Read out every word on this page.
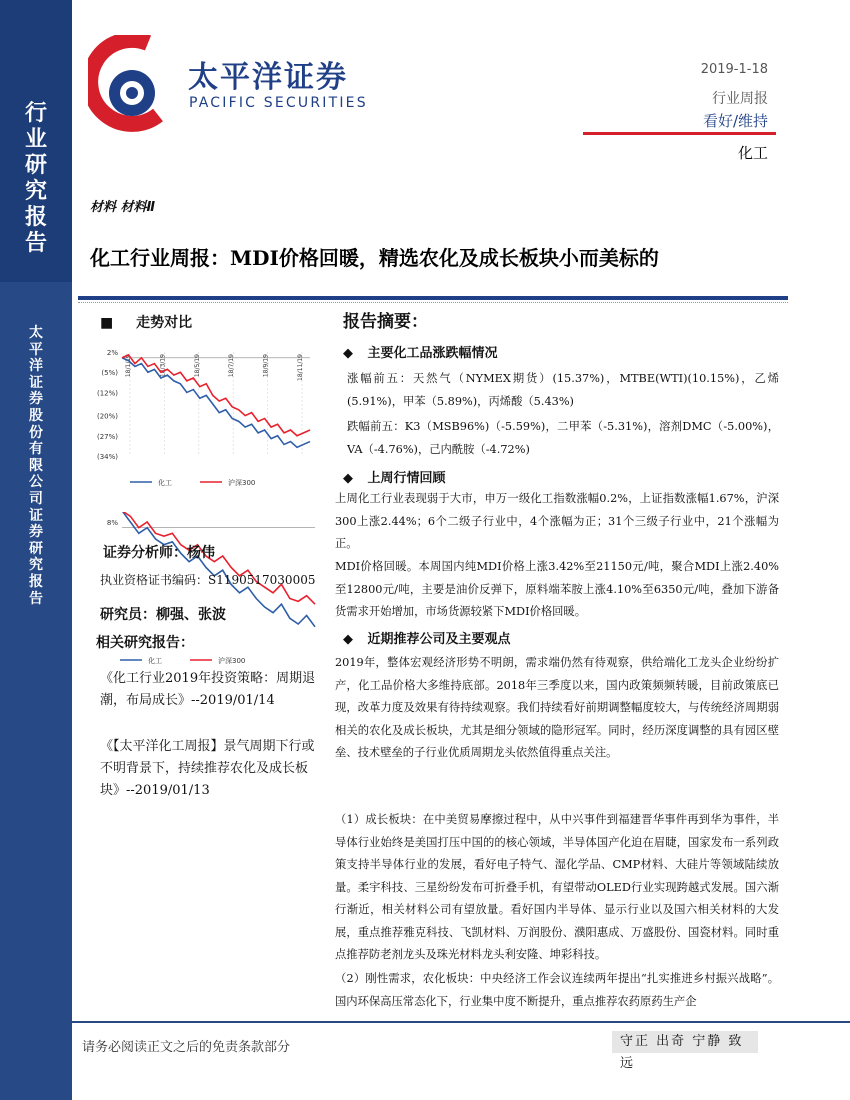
行业研究报告
太平洋证券股份有限公司证券研究报告
太平洋证券
PACIFIC SECURITIES
2019-1-18
行业周报
看好/维持
化工
材料 材料Ⅱ
化工行业周报：MDI价格回暖，精选农化及成长板块小而美标的
■ 走势对比
2%
(5%)
(12%)
(20%)
(27%)
(34%)
18/1/19	18/3/19	18/5/19	18/7/19	18/9/19	18/11/19
化工	沪深300
8%
化工	沪深300
证券分析师：杨伟
执业资格证书编码：S1190517030005
研究员：柳强、张波
相关研究报告：
《化工行业2019年投资策略：周期退潮，布局成长》--2019/01/14
《【太平洋化工周报】景气周期下行或不明背景下，持续推荐农化及成长板块》--2019/01/13
报告摘要：
◆ 主要化工品涨跌幅情况
涨幅前五：天然气（NYMEX期货）(15.37%)，MTBE(WTI)(10.15%)，乙烯(5.91%)，甲苯（5.89%)，丙烯酸（5.43%)
跌幅前五：K3（MSB96%)（-5.59%)，二甲苯（-5.31%)，溶剂DMC（-5.00%)，VA（-4.76%)，己内酰胺（-4.72%)
◆ 上周行情回顾
上周化工行业表现弱于大市，申万一级化工指数涨幅0.2%，上证指数涨幅1.67%，沪深300上涨2.44%；6个二级子行业中，4个涨幅为正；31个三级子行业中，21个涨幅为正。
MDI价格回暖。本周国内纯MDI价格上涨3.42%至21150元/吨，聚合MDI上涨2.40%至12800元/吨，主要是油价反弹下，原料端苯胺上涨4.10%至6350元/吨，叠加下游备货需求开始增加，市场货源较紧下MDI价格回暖。
◆ 近期推荐公司及主要观点
2019年，整体宏观经济形势不明朗，需求端仍然有待观察，供给端化工龙头企业纷纷扩产，化工品价格大多维持底部。2018年三季度以来，国内政策频频转暖，目前政策底已现，改革力度及效果有待持续观察。我们持续看好前期调整幅度较大，与传统经济周期弱相关的农化及成长板块，尤其是细分领域的隐形冠军。同时，经历深度调整的具有园区壁垒、技术壁垒的子行业优质周期龙头依然值得重点关注。
（1）成长板块：在中美贸易摩擦过程中，从中兴事件到福建晋华事件再到华为事件，半导体行业始终是美国打压中国的的核心领域，半导体国产化迫在眉睫，国家发布一系列政策支持半导体行业的发展，看好电子特气、湿化学品、CMP材料、大硅片等领域陆续放量。柔宇科技、三星纷纷发布可折叠手机，有望带动OLED行业实现跨越式发展。国六渐行渐近，相关材料公司有望放量。看好国内半导体、显示行业以及国六相关材料的大发展，重点推荐雅克科技、飞凯材料、万润股份、濮阳惠成、万盛股份、国瓷材料。同时重点推荐防老剂龙头及珠光材料龙头利安隆、坤彩科技。
（2）刚性需求，农化板块：中央经济工作会议连续两年提出“扎实推进乡村振兴战略”。国内环保高压常态化下，行业集中度不断提升，重点推荐农药原药生产企
请务必阅读正文之后的免责条款部分	守正 出奇 宁静 致远
